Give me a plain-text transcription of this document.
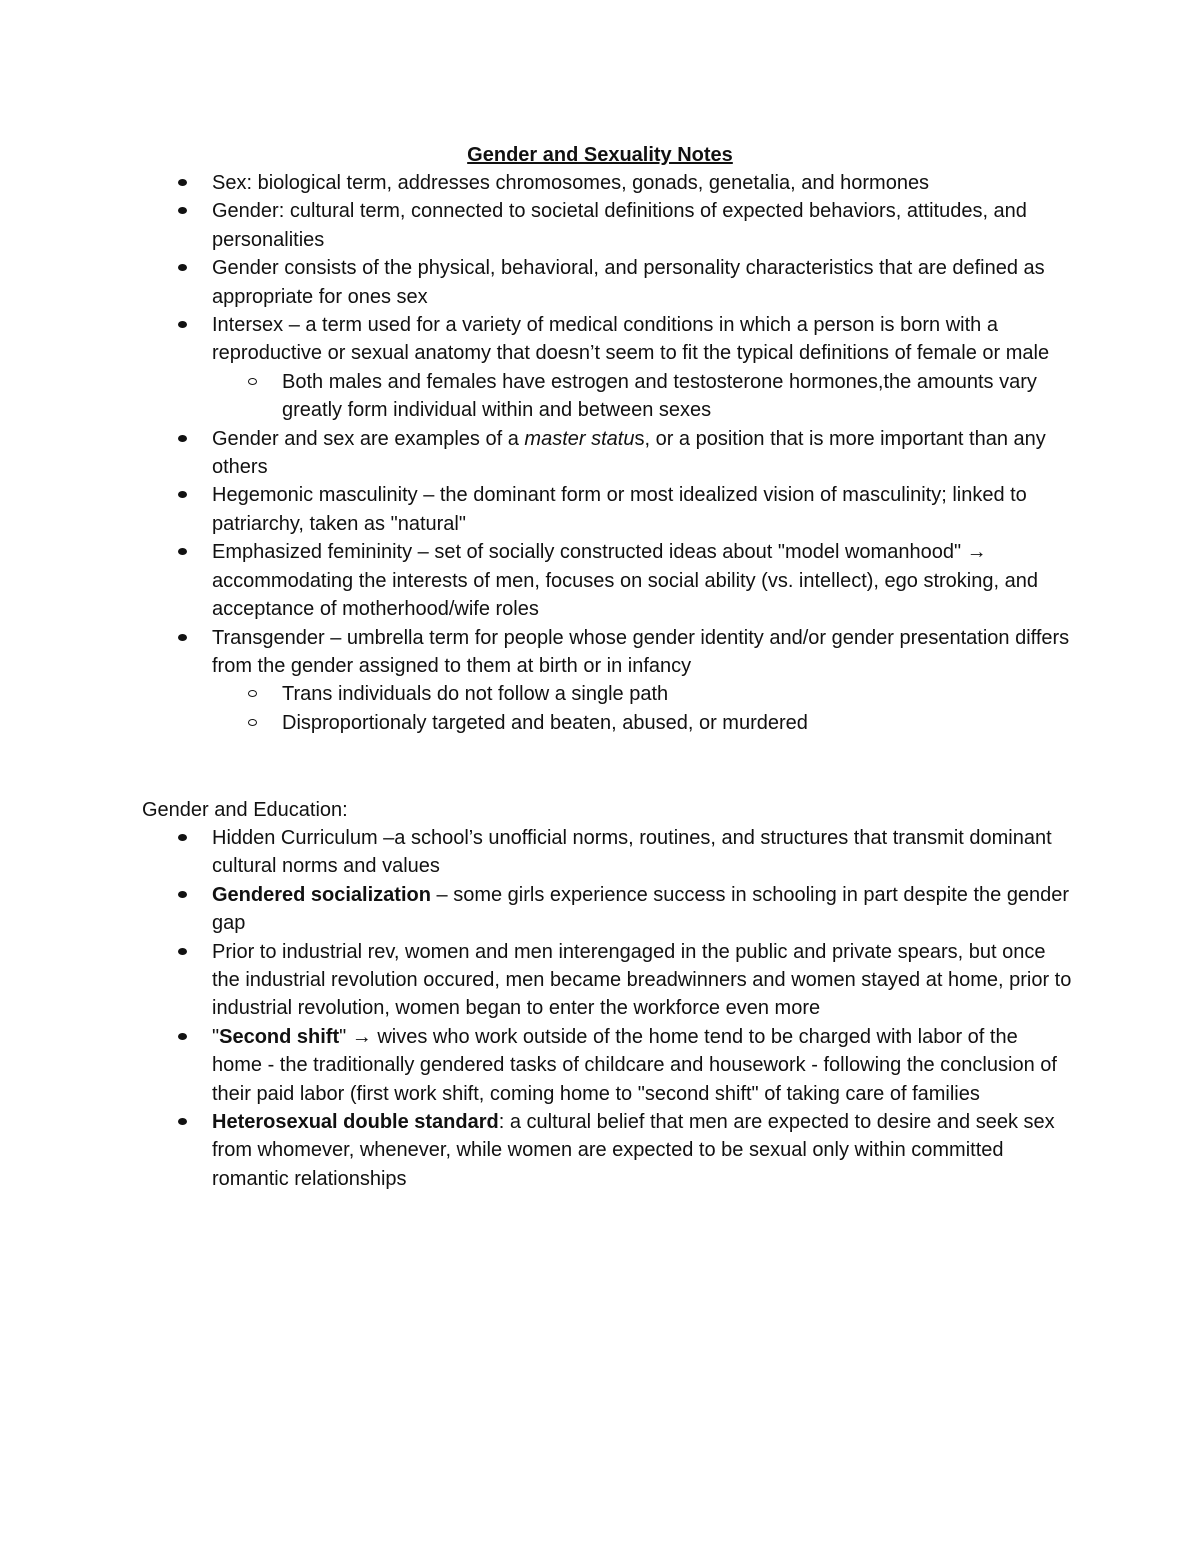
Gender and Sexuality Notes
Sex: biological term, addresses chromosomes, gonads, genetalia, and hormones
Gender: cultural term, connected to societal definitions of expected behaviors, attitudes, and personalities
Gender consists of the physical, behavioral, and personality characteristics that are defined as appropriate for ones sex
Intersex – a term used for a variety of medical conditions in which a person is born with a reproductive or sexual anatomy that doesn’t seem to fit the typical definitions of female or male
Both males and females have estrogen and testosterone hormones,the amounts vary greatly form individual within and between sexes
Gender and sex are examples of a master status, or a position that is more important than any others
Hegemonic masculinity – the dominant form or most idealized vision of masculinity; linked to patriarchy, taken as "natural"
Emphasized femininity – set of socially constructed ideas about "model womanhood" → accommodating the interests of men, focuses on social ability (vs. intellect), ego stroking, and acceptance of motherhood/wife roles
Transgender – umbrella term for people whose gender identity and/or gender presentation differs from the gender assigned to them at birth or in infancy
Trans individuals do not follow a single path
Disproportionaly targeted and beaten, abused, or murdered
Gender and Education:
Hidden Curriculum –a school’s unofficial norms, routines, and structures that transmit dominant cultural norms and values
Gendered socialization – some girls experience success in schooling in part despite the gender gap
Prior to industrial rev, women and men interengaged in the public and private spears, but once the industrial revolution occured, men became breadwinners and women stayed at home, prior to industrial revolution, women began to enter the workforce even more
"Second shift" → wives who work outside of the home tend to be charged with labor of the home - the traditionally gendered tasks of childcare and housework - following the conclusion of their paid labor (first work shift, coming home to "second shift" of taking care of families
Heterosexual double standard: a cultural belief that men are expected to desire and seek sex from whomever, whenever, while women are expected to be sexual only within committed romantic relationships
